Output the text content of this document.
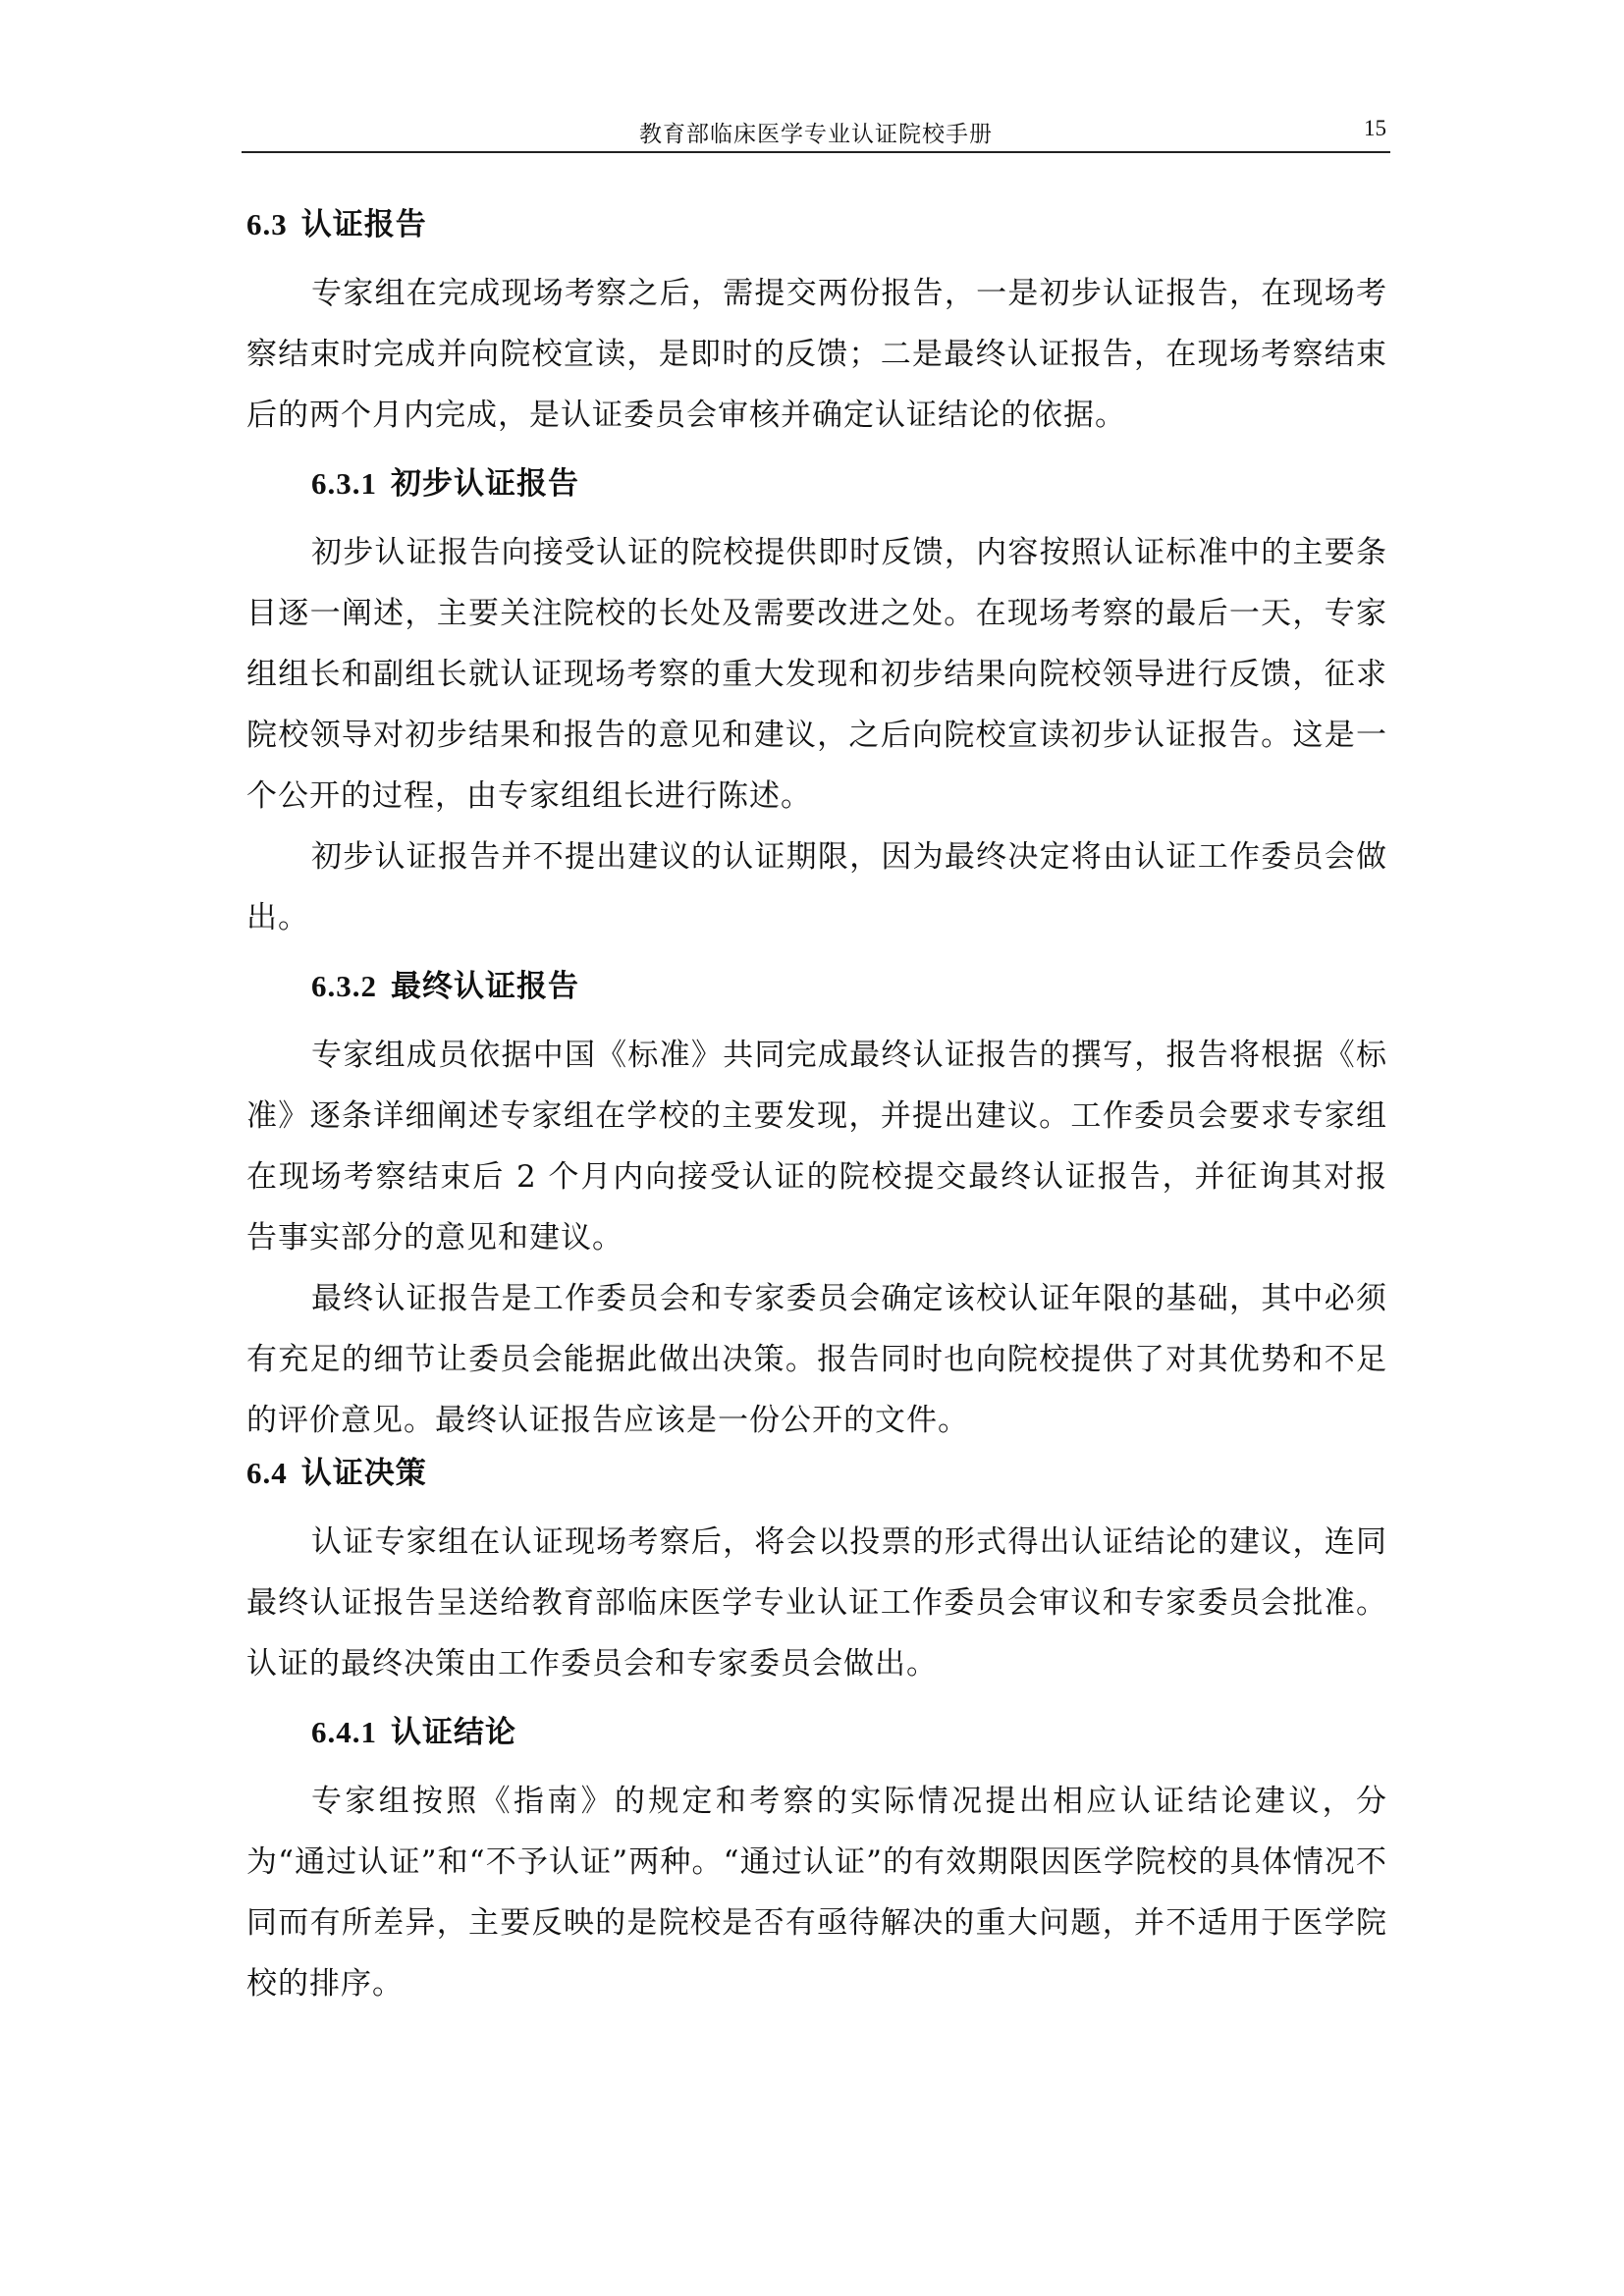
教育部临床医学专业认证院校手册	15
6.3 认证报告

专家组在完成现场考察之后，需提交两份报告，一是初步认证报告，在现场考察结束时完成并向院校宣读，是即时的反馈；二是最终认证报告，在现场考察结束后的两个月内完成，是认证委员会审核并确定认证结论的依据。

6.3.1 初步认证报告

初步认证报告向接受认证的院校提供即时反馈，内容按照认证标准中的主要条目逐一阐述，主要关注院校的长处及需要改进之处。在现场考察的最后一天，专家组组长和副组长就认证现场考察的重大发现和初步结果向院校领导进行反馈，征求院校领导对初步结果和报告的意见和建议，之后向院校宣读初步认证报告。这是一个公开的过程，由专家组组长进行陈述。

初步认证报告并不提出建议的认证期限，因为最终决定将由认证工作委员会做出。

6.3.2 最终认证报告

专家组成员依据中国《标准》共同完成最终认证报告的撰写，报告将根据《标准》逐条详细阐述专家组在学校的主要发现，并提出建议。工作委员会要求专家组在现场考察结束后 2 个月内向接受认证的院校提交最终认证报告，并征询其对报告事实部分的意见和建议。

最终认证报告是工作委员会和专家委员会确定该校认证年限的基础，其中必须有充足的细节让委员会能据此做出决策。报告同时也向院校提供了对其优势和不足的评价意见。最终认证报告应该是一份公开的文件。

6.4 认证决策

认证专家组在认证现场考察后，将会以投票的形式得出认证结论的建议，连同最终认证报告呈送给教育部临床医学专业认证工作委员会审议和专家委员会批准。认证的最终决策由工作委员会和专家委员会做出。

6.4.1 认证结论

专家组按照《指南》的规定和考察的实际情况提出相应认证结论建议，分为“通过认证”和“不予认证”两种。“通过认证”的有效期限因医学院校的具体情况不同而有所差异，主要反映的是院校是否有亟待解决的重大问题，并不适用于医学院校的排序。
